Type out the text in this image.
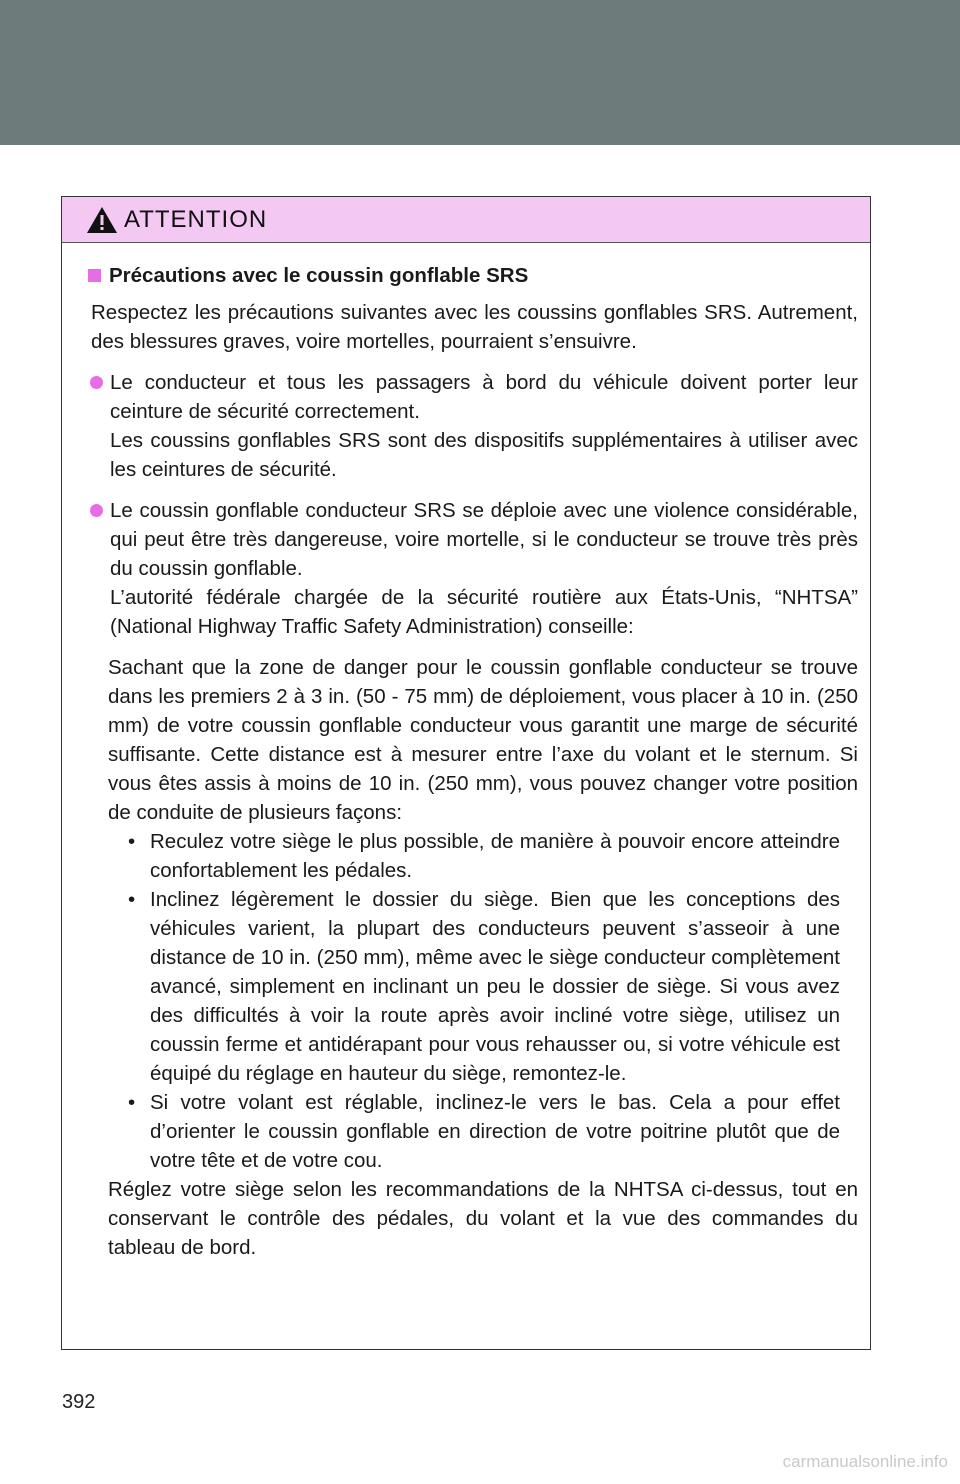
ATTENTION
Précautions avec le coussin gonflable SRS

Respectez les précautions suivantes avec les coussins gonflables SRS. Autrement, des blessures graves, voire mortelles, pourraient s’ensuivre.

Le conducteur et tous les passagers à bord du véhicule doivent porter leur ceinture de sécurité correctement.

Les coussins gonflables SRS sont des dispositifs supplémentaires à utiliser avec les ceintures de sécurité.

Le coussin gonflable conducteur SRS se déploie avec une violence considérable, qui peut être très dangereuse, voire mortelle, si le conducteur se trouve très près du coussin gonflable.

L’autorité fédérale chargée de la sécurité routière aux États-Unis, “NHTSA” (National Highway Traffic Safety Administration) conseille:

Sachant que la zone de danger pour le coussin gonflable conducteur se trouve dans les premiers 2 à 3 in. (50 - 75 mm) de déploiement, vous placer à 10 in. (250 mm) de votre coussin gonflable conducteur vous garantit une marge de sécurité suffisante. Cette distance est à mesurer entre l’axe du volant et le sternum. Si vous êtes assis à moins de 10 in. (250 mm), vous pouvez changer votre position de conduite de plusieurs façons:

• Reculez votre siège le plus possible, de manière à pouvoir encore atteindre confortablement les pédales.
• Inclinez légèrement le dossier du siège. Bien que les conceptions des véhicules varient, la plupart des conducteurs peuvent s’asseoir à une distance de 10 in. (250 mm), même avec le siège conducteur complètement avancé, simplement en inclinant un peu le dossier de siège. Si vous avez des difficultés à voir la route après avoir incliné votre siège, utilisez un coussin ferme et antidérapant pour vous rehausser ou, si votre véhicule est équipé du réglage en hauteur du siège, remontez-le.
• Si votre volant est réglable, inclinez-le vers le bas. Cela a pour effet d’orienter le coussin gonflable en direction de votre poitrine plutôt que de votre tête et de votre cou.

Réglez votre siège selon les recommandations de la NHTSA ci-dessus, tout en conservant le contrôle des pédales, du volant et la vue des commandes du tableau de bord.

392
carmanualsonline.info
